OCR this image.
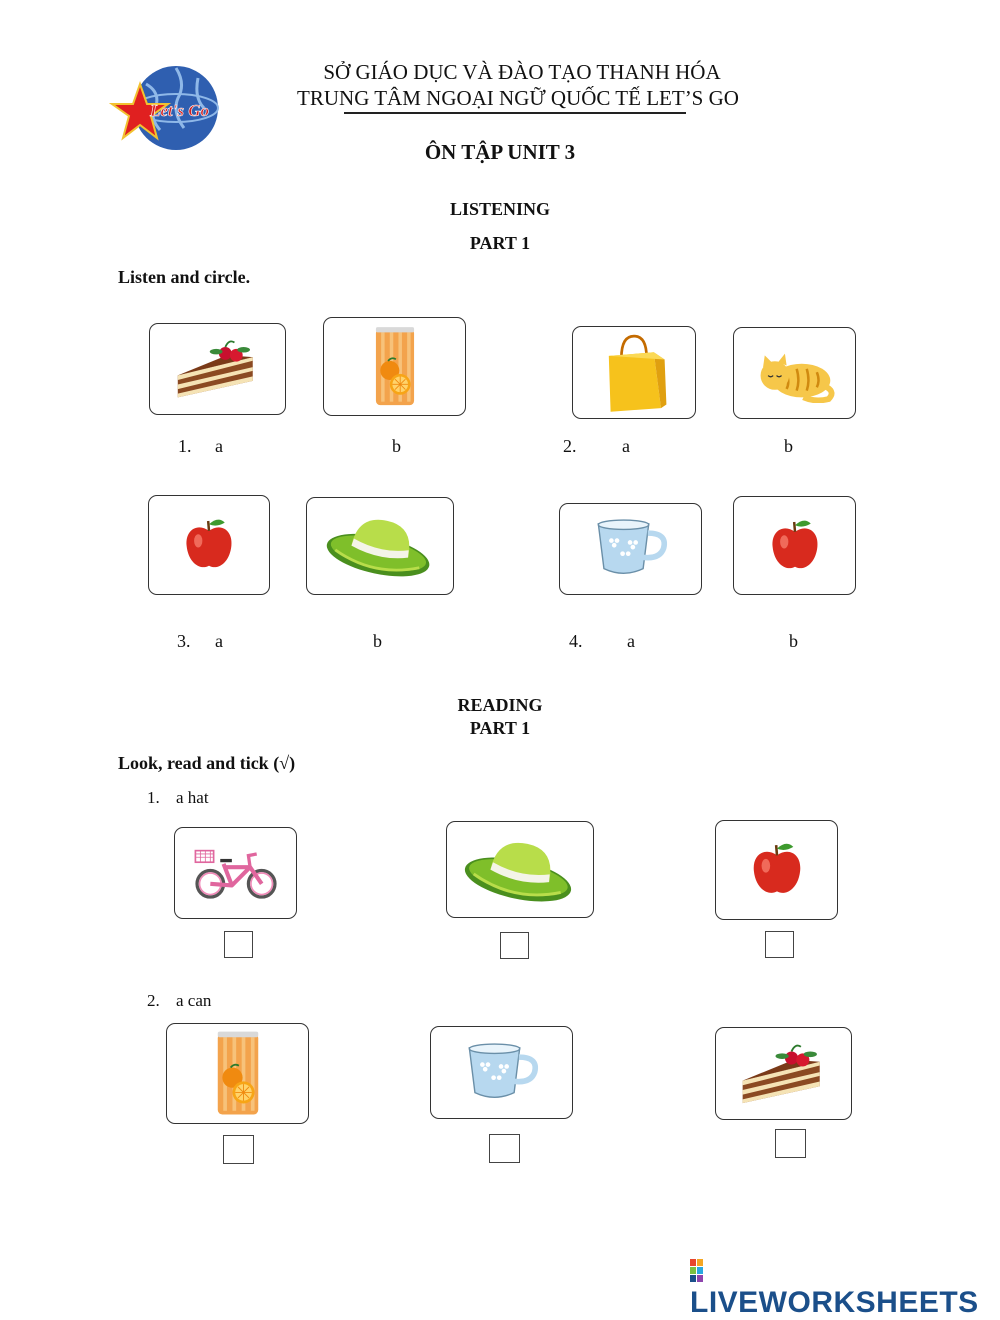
Let's Go
SỞ GIÁO DỤC VÀ ĐÀO TẠO THANH HÓA
TRUNG TÂM NGOẠI NGỮ QUỐC TẾ LET’S GO
ÔN TẬP UNIT 3
LISTENING
PART 1
Listen and circle.
1. a	b	2.	a	b
3. a	b	4. a	b
READING
PART 1
Look, read and tick (√)
1. a hat
2. a can
LIVEWORKSHEETS
